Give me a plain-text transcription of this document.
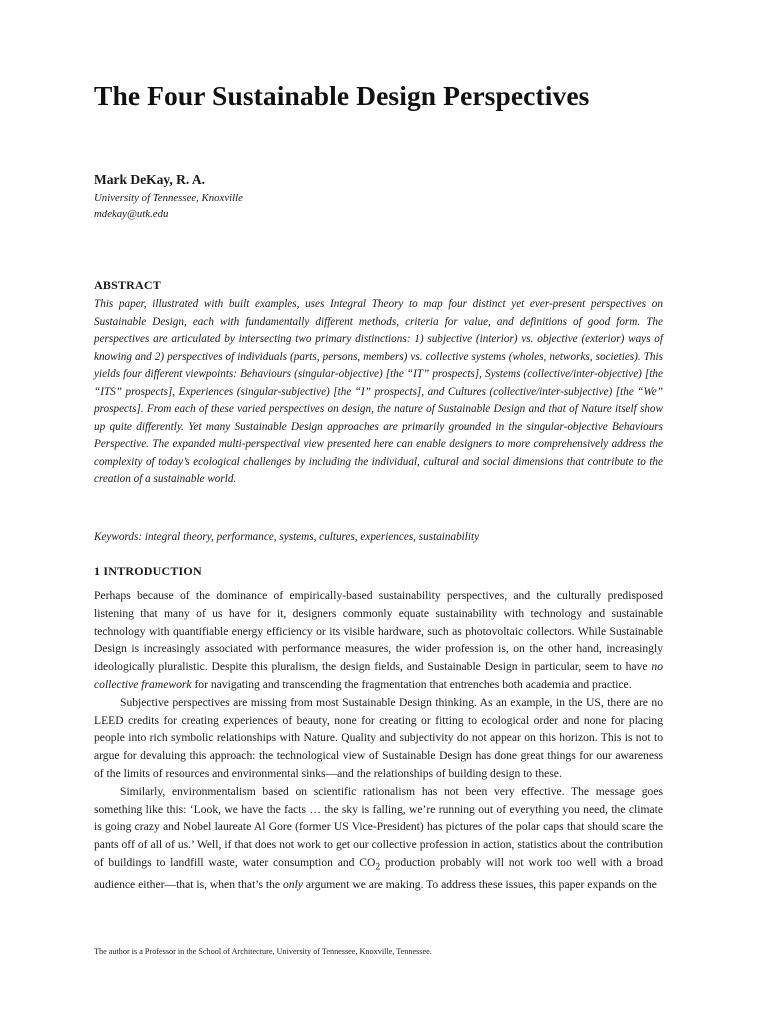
The Four Sustainable Design Perspectives
Mark DeKay, R. A.
University of Tennessee, Knoxville
mdekay@utk.edu
ABSTRACT

This paper, illustrated with built examples, uses Integral Theory to map four distinct yet ever-present perspectives on Sustainable Design, each with fundamentally different methods, criteria for value, and definitions of good form. The perspectives are articulated by intersecting two primary distinctions: 1) subjective (interior) vs. objective (exterior) ways of knowing and 2) perspectives of individuals (parts, persons, members) vs. collective systems (wholes, networks, societies). This yields four different viewpoints: Behaviours (singular-objective) [the “IT” prospects], Systems (collective/inter-objective) [the “ITS” prospects], Experiences (singular-subjective) [the “I” prospects], and Cultures (collective/inter-subjective) [the “We” prospects]. From each of these varied perspectives on design, the nature of Sustainable Design and that of Nature itself show up quite differently. Yet many Sustainable Design approaches are primarily grounded in the singular-objective Behaviours Perspective. The expanded multi-perspectival view presented here can enable designers to more comprehensively address the complexity of today’s ecological challenges by including the individual, cultural and social dimensions that contribute to the creation of a sustainable world.

Keywords: integral theory, performance, systems, cultures, experiences, sustainability
1 INTRODUCTION

Perhaps because of the dominance of empirically-based sustainability perspectives, and the culturally predisposed listening that many of us have for it, designers commonly equate sustainability with technology and sustainable technology with quantifiable energy efficiency or its visible hardware, such as photovoltaic collectors. While Sustainable Design is increasingly associated with performance measures, the wider profession is, on the other hand, increasingly ideologically pluralistic. Despite this pluralism, the design fields, and Sustainable Design in particular, seem to have no collective framework for navigating and transcending the fragmentation that entrenches both academia and practice.

Subjective perspectives are missing from most Sustainable Design thinking. As an example, in the US, there are no LEED credits for creating experiences of beauty, none for creating or fitting to ecological order and none for placing people into rich symbolic relationships with Nature. Quality and subjectivity do not appear on this horizon. This is not to argue for devaluing this approach: the technological view of Sustainable Design has done great things for our awareness of the limits of resources and environmental sinks—and the relationships of building design to these.

Similarly, environmentalism based on scientific rationalism has not been very effective. The message goes something like this: ‘Look, we have the facts … the sky is falling, we’re running out of everything you need, the climate is going crazy and Nobel laureate Al Gore (former US Vice-President) has pictures of the polar caps that should scare the pants off of all of us.’ Well, if that does not work to get our collective profession in action, statistics about the contribution of buildings to landfill waste, water consumption and $CO_2$ production probably will not work too well with a broad audience either—that is, when that’s the only argument we are making. To address these issues, this paper expands on the

The author is a Professor in the School of Architecture, University of Tennessee, Knoxville, Tennessee.
